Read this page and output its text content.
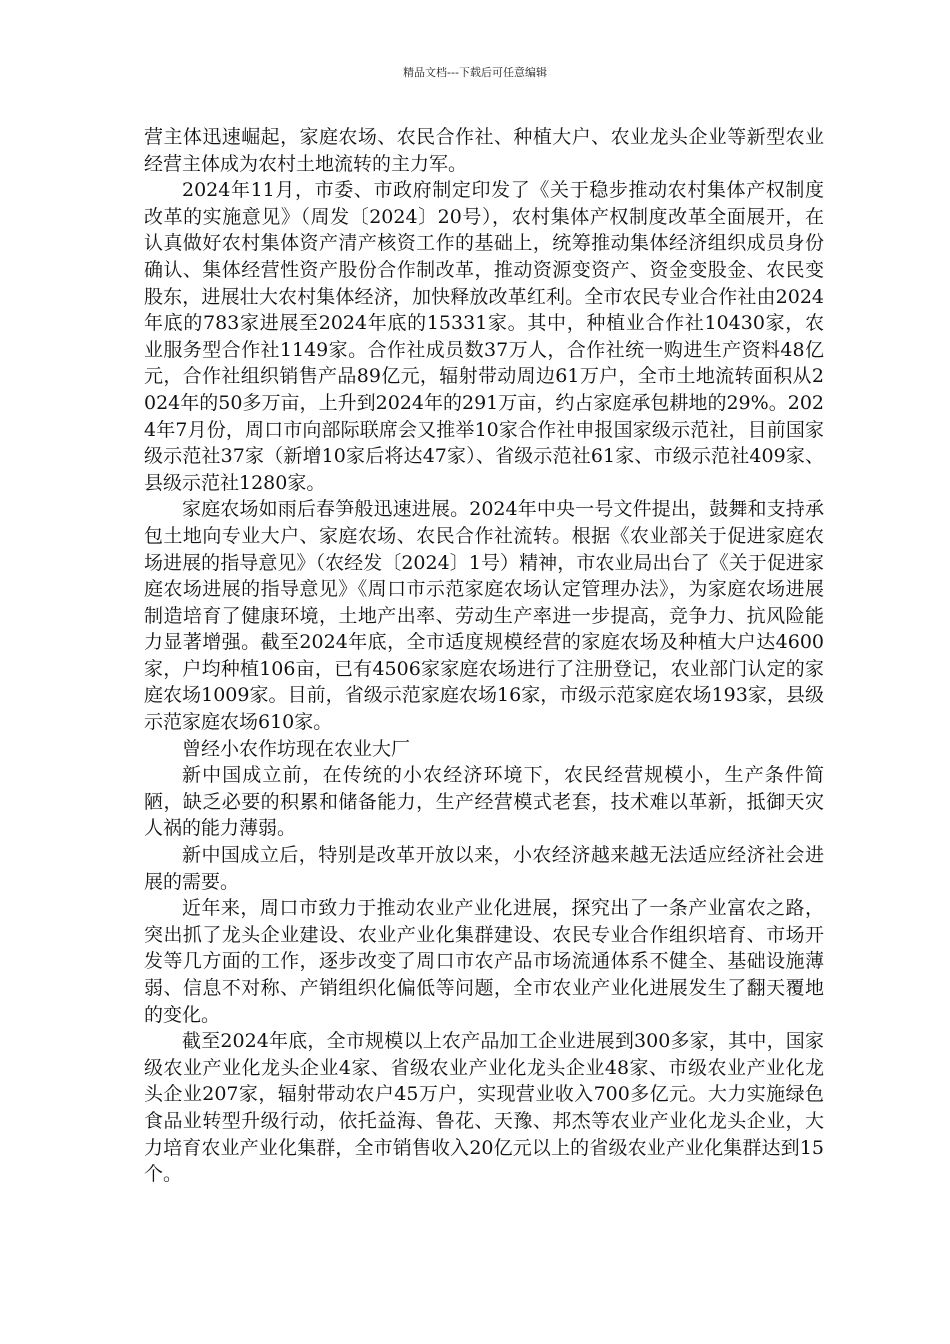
精品文档---下载后可任意编辑

营主体迅速崛起，家庭农场、农民合作社、种植大户、农业龙头企业等新型农业经营主体成为农村土地流转的主力军。

2024年11月，市委、市政府制定印发了《关于稳步推动农村集体产权制度改革的实施意见》（周发〔2024〕20号），农村集体产权制度改革全面展开，在认真做好农村集体资产清产核资工作的基础上，统筹推动集体经济组织成员身份确认、集体经营性资产股份合作制改革，推动资源变资产、资金变股金、农民变股东，进展壮大农村集体经济，加快释放改革红利。全市农民专业合作社由2024年底的783家进展至2024年底的15331家。其中，种植业合作社10430家，农业服务型合作社1149家。合作社成员数37万人，合作社统一购进生产资料48亿元，合作社组织销售产品89亿元，辐射带动周边61万户，全市土地流转面积从2024年的50多万亩，上升到2024年的291万亩，约占家庭承包耕地的29%。2024年7月份，周口市向部际联席会又推举10家合作社申报国家级示范社，目前国家级示范社37家（新增10家后将达47家）、省级示范社61家、市级示范社409家、县级示范社1280家。

家庭农场如雨后春笋般迅速进展。2024年中央一号文件提出，鼓舞和支持承包土地向专业大户、家庭农场、农民合作社流转。根据《农业部关于促进家庭农场进展的指导意见》（农经发〔2024〕1号）精神，市农业局出台了《关于促进家庭农场进展的指导意见》《周口市示范家庭农场认定管理办法》，为家庭农场进展制造培育了健康环境，土地产出率、劳动生产率进一步提高，竞争力、抗风险能力显著增强。截至2024年底，全市适度规模经营的家庭农场及种植大户达4600家，户均种植106亩，已有4506家家庭农场进行了注册登记，农业部门认定的家庭农场1009家。目前，省级示范家庭农场16家，市级示范家庭农场193家，县级示范家庭农场610家。

曾经小农作坊现在农业大厂

新中国成立前，在传统的小农经济环境下，农民经营规模小，生产条件简陋，缺乏必要的积累和储备能力，生产经营模式老套，技术难以革新，抵御天灾人祸的能力薄弱。

新中国成立后，特别是改革开放以来，小农经济越来越无法适应经济社会进展的需要。

近年来，周口市致力于推动农业产业化进展，探究出了一条产业富农之路，突出抓了龙头企业建设、农业产业化集群建设、农民专业合作组织培育、市场开发等几方面的工作，逐步改变了周口市农产品市场流通体系不健全、基础设施薄弱、信息不对称、产销组织化偏低等问题，全市农业产业化进展发生了翻天覆地的变化。

截至2024年底，全市规模以上农产品加工企业进展到300多家，其中，国家级农业产业化龙头企业4家、省级农业产业化龙头企业48家、市级农业产业化龙头企业207家，辐射带动农户45万户，实现营业收入700多亿元。大力实施绿色食品业转型升级行动，依托益海、鲁花、天豫、邦杰等农业产业化龙头企业，大力培育农业产业化集群，全市销售收入20亿元以上的省级农业产业化集群达到15个。
